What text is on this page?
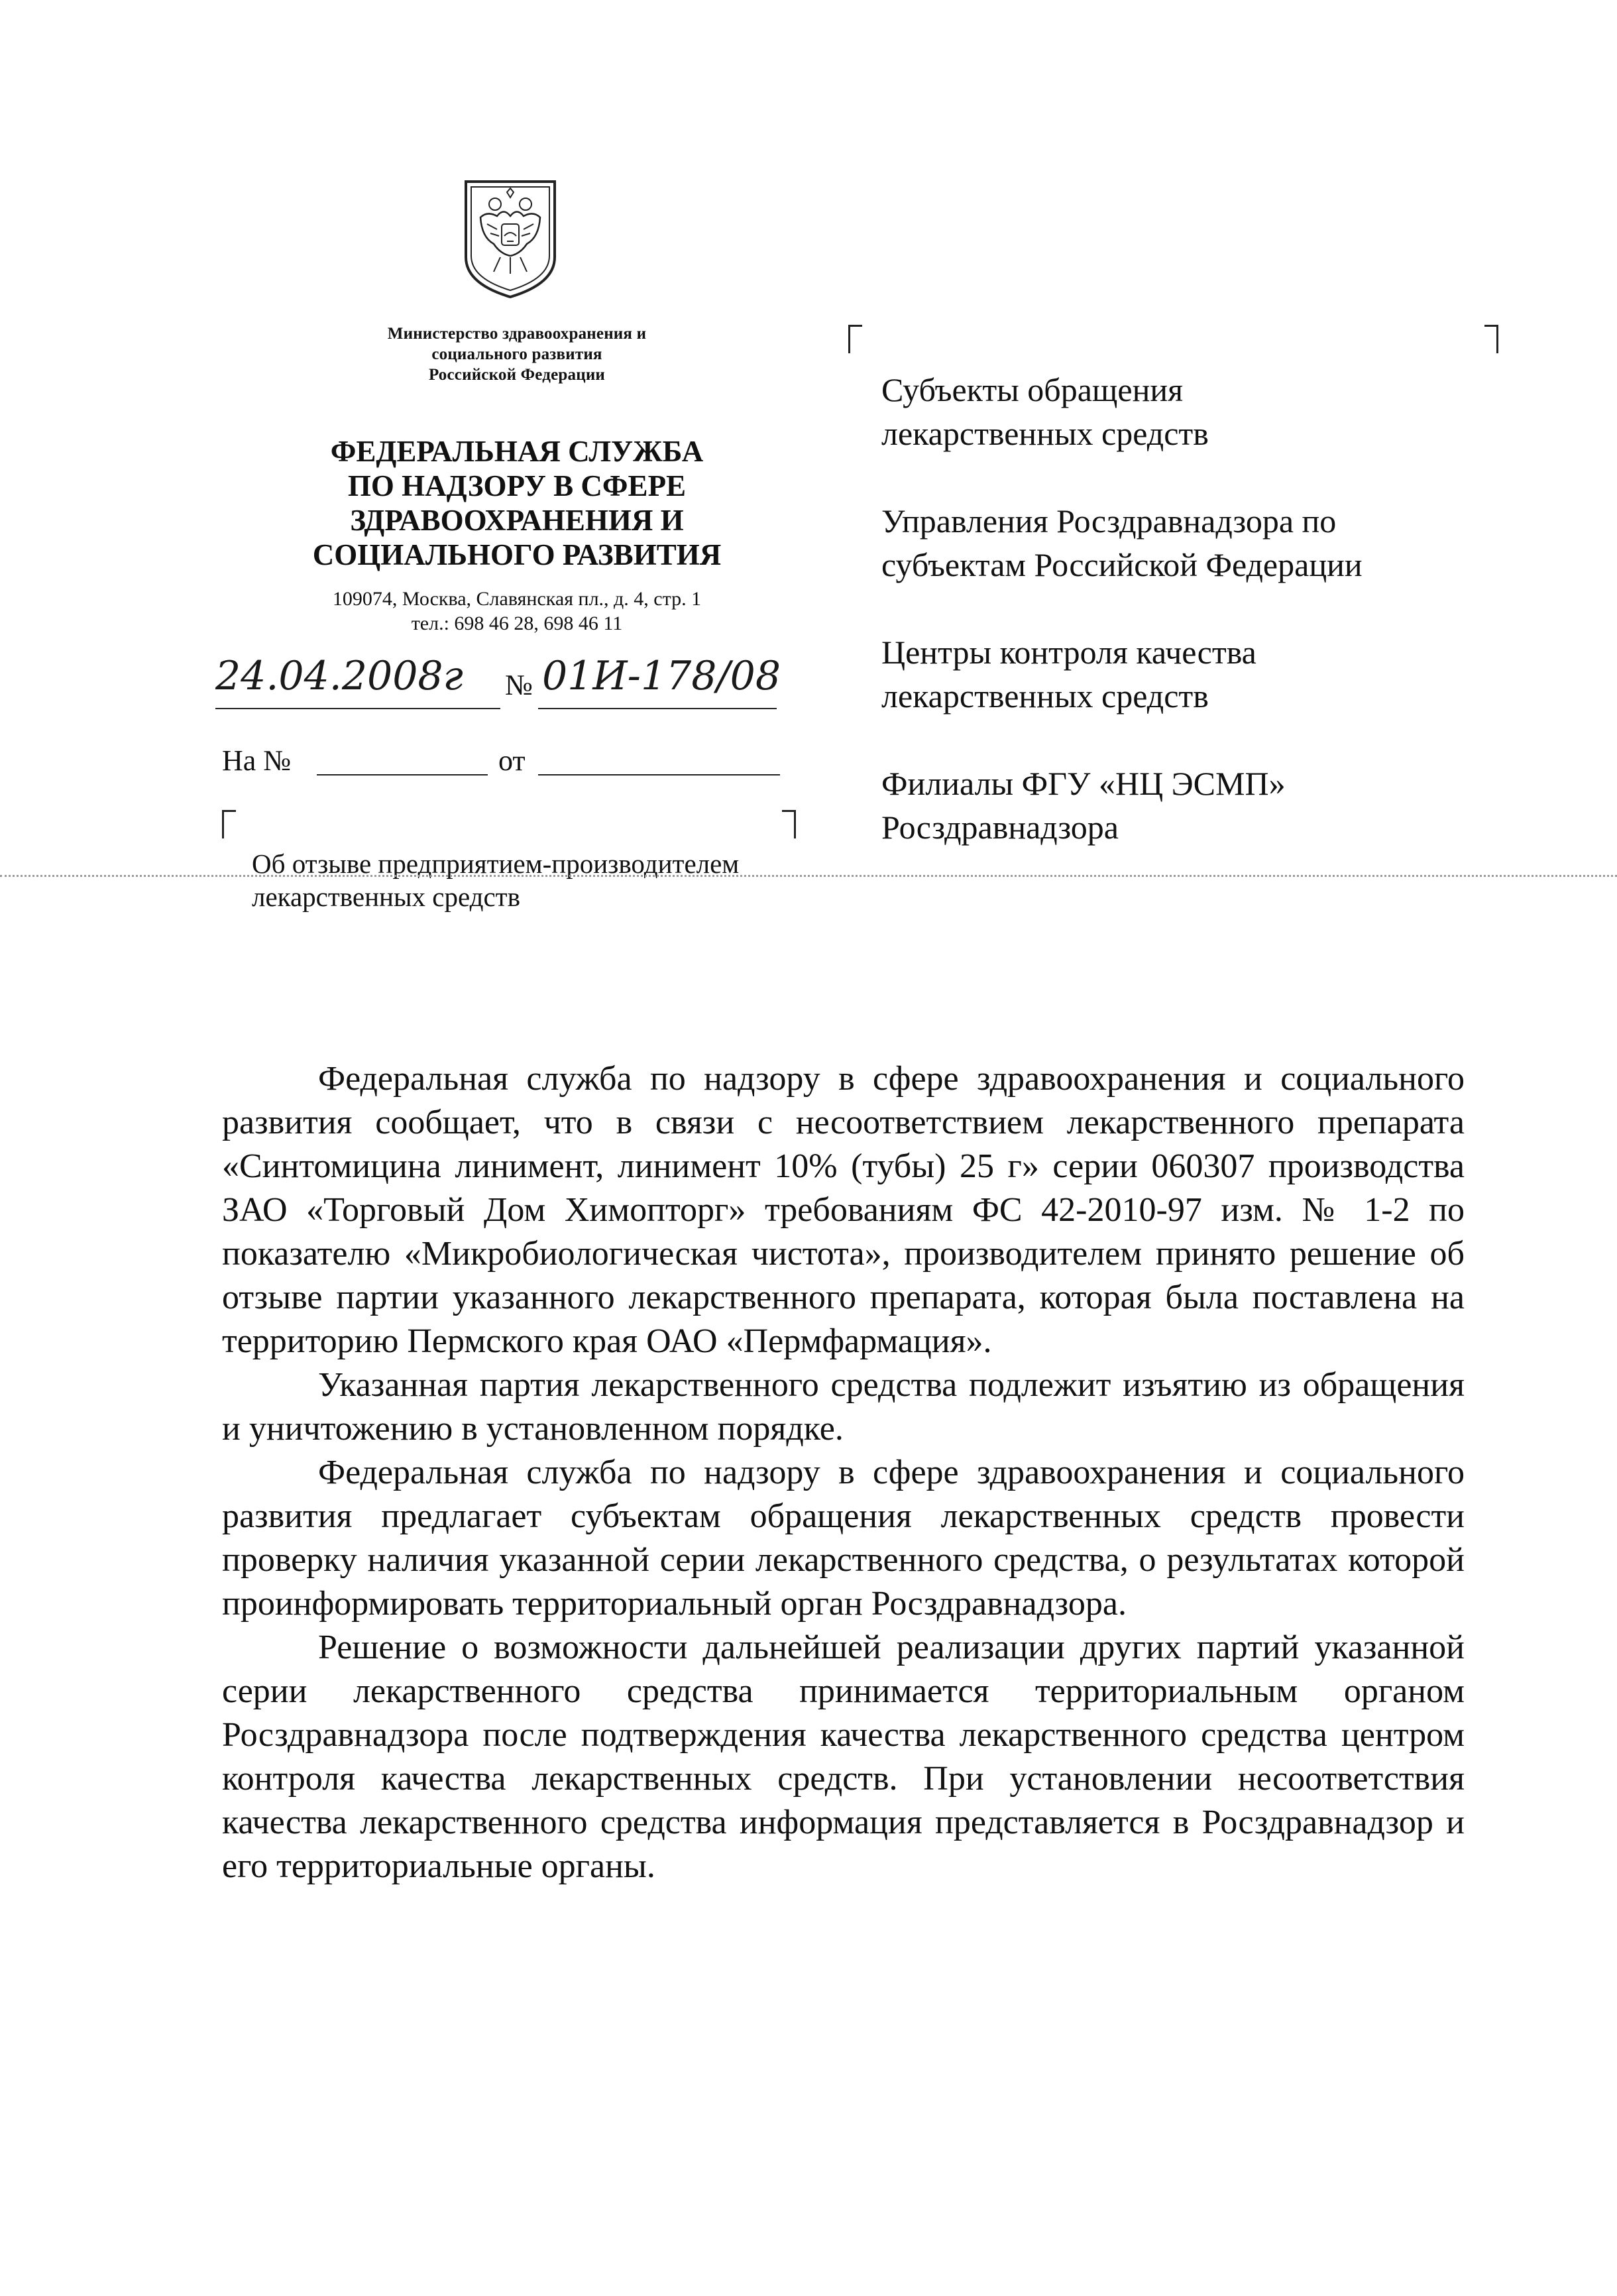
Министерство здравоохранения и
социального развития
Российской Федерации
ФЕДЕРАЛЬНАЯ СЛУЖБА
ПО НАДЗОРУ В СФЕРЕ
ЗДРАВООХРАНЕНИЯ И
СОЦИАЛЬНОГО РАЗВИТИЯ
109074, Москва, Славянская пл., д. 4, стр. 1
тел.: 698 46 28, 698 46 11
24.04.2008г № 01И-178/08
На №	от
Об отзыве предприятием-производителем
лекарственных средств
Субъекты обращения
лекарственных средств
Управления Росздравнадзора по
субъектам Российской Федерации
Центры контроля качества
лекарственных средств
Филиалы ФГУ «НЦ ЭСМП»
Росздравнадзора

Федеральная служба по надзору в сфере здравоохранения и социального развития сообщает, что в связи с несоответствием лекарственного препарата «Синтомицина линимент, линимент 10% (тубы) 25 г» серии 060307 производства ЗАО «Торговый Дом Химопторг» требованиям ФС 42-2010-97 изм. № 1-2 по показателю «Микробиологическая чистота», производителем принято решение об отзыве партии указанного лекарственного препарата, которая была поставлена на территорию Пермского края ОАО «Пермфармация».

Указанная партия лекарственного средства подлежит изъятию из обращения и уничтожению в установленном порядке.

Федеральная служба по надзору в сфере здравоохранения и социального развития предлагает субъектам обращения лекарственных средств провести проверку наличия указанной серии лекарственного средства, о результатах которой проинформировать территориальный орган Росздравнадзора.

Решение о возможности дальнейшей реализации других партий указанной серии лекарственного средства принимается территориальным органом Росздравнадзора после подтверждения качества лекарственного средства центром контроля качества лекарственных средств. При установлении несоответствия качества лекарственного средства информация представляется в Росздравнадзор и его территориальные органы.
